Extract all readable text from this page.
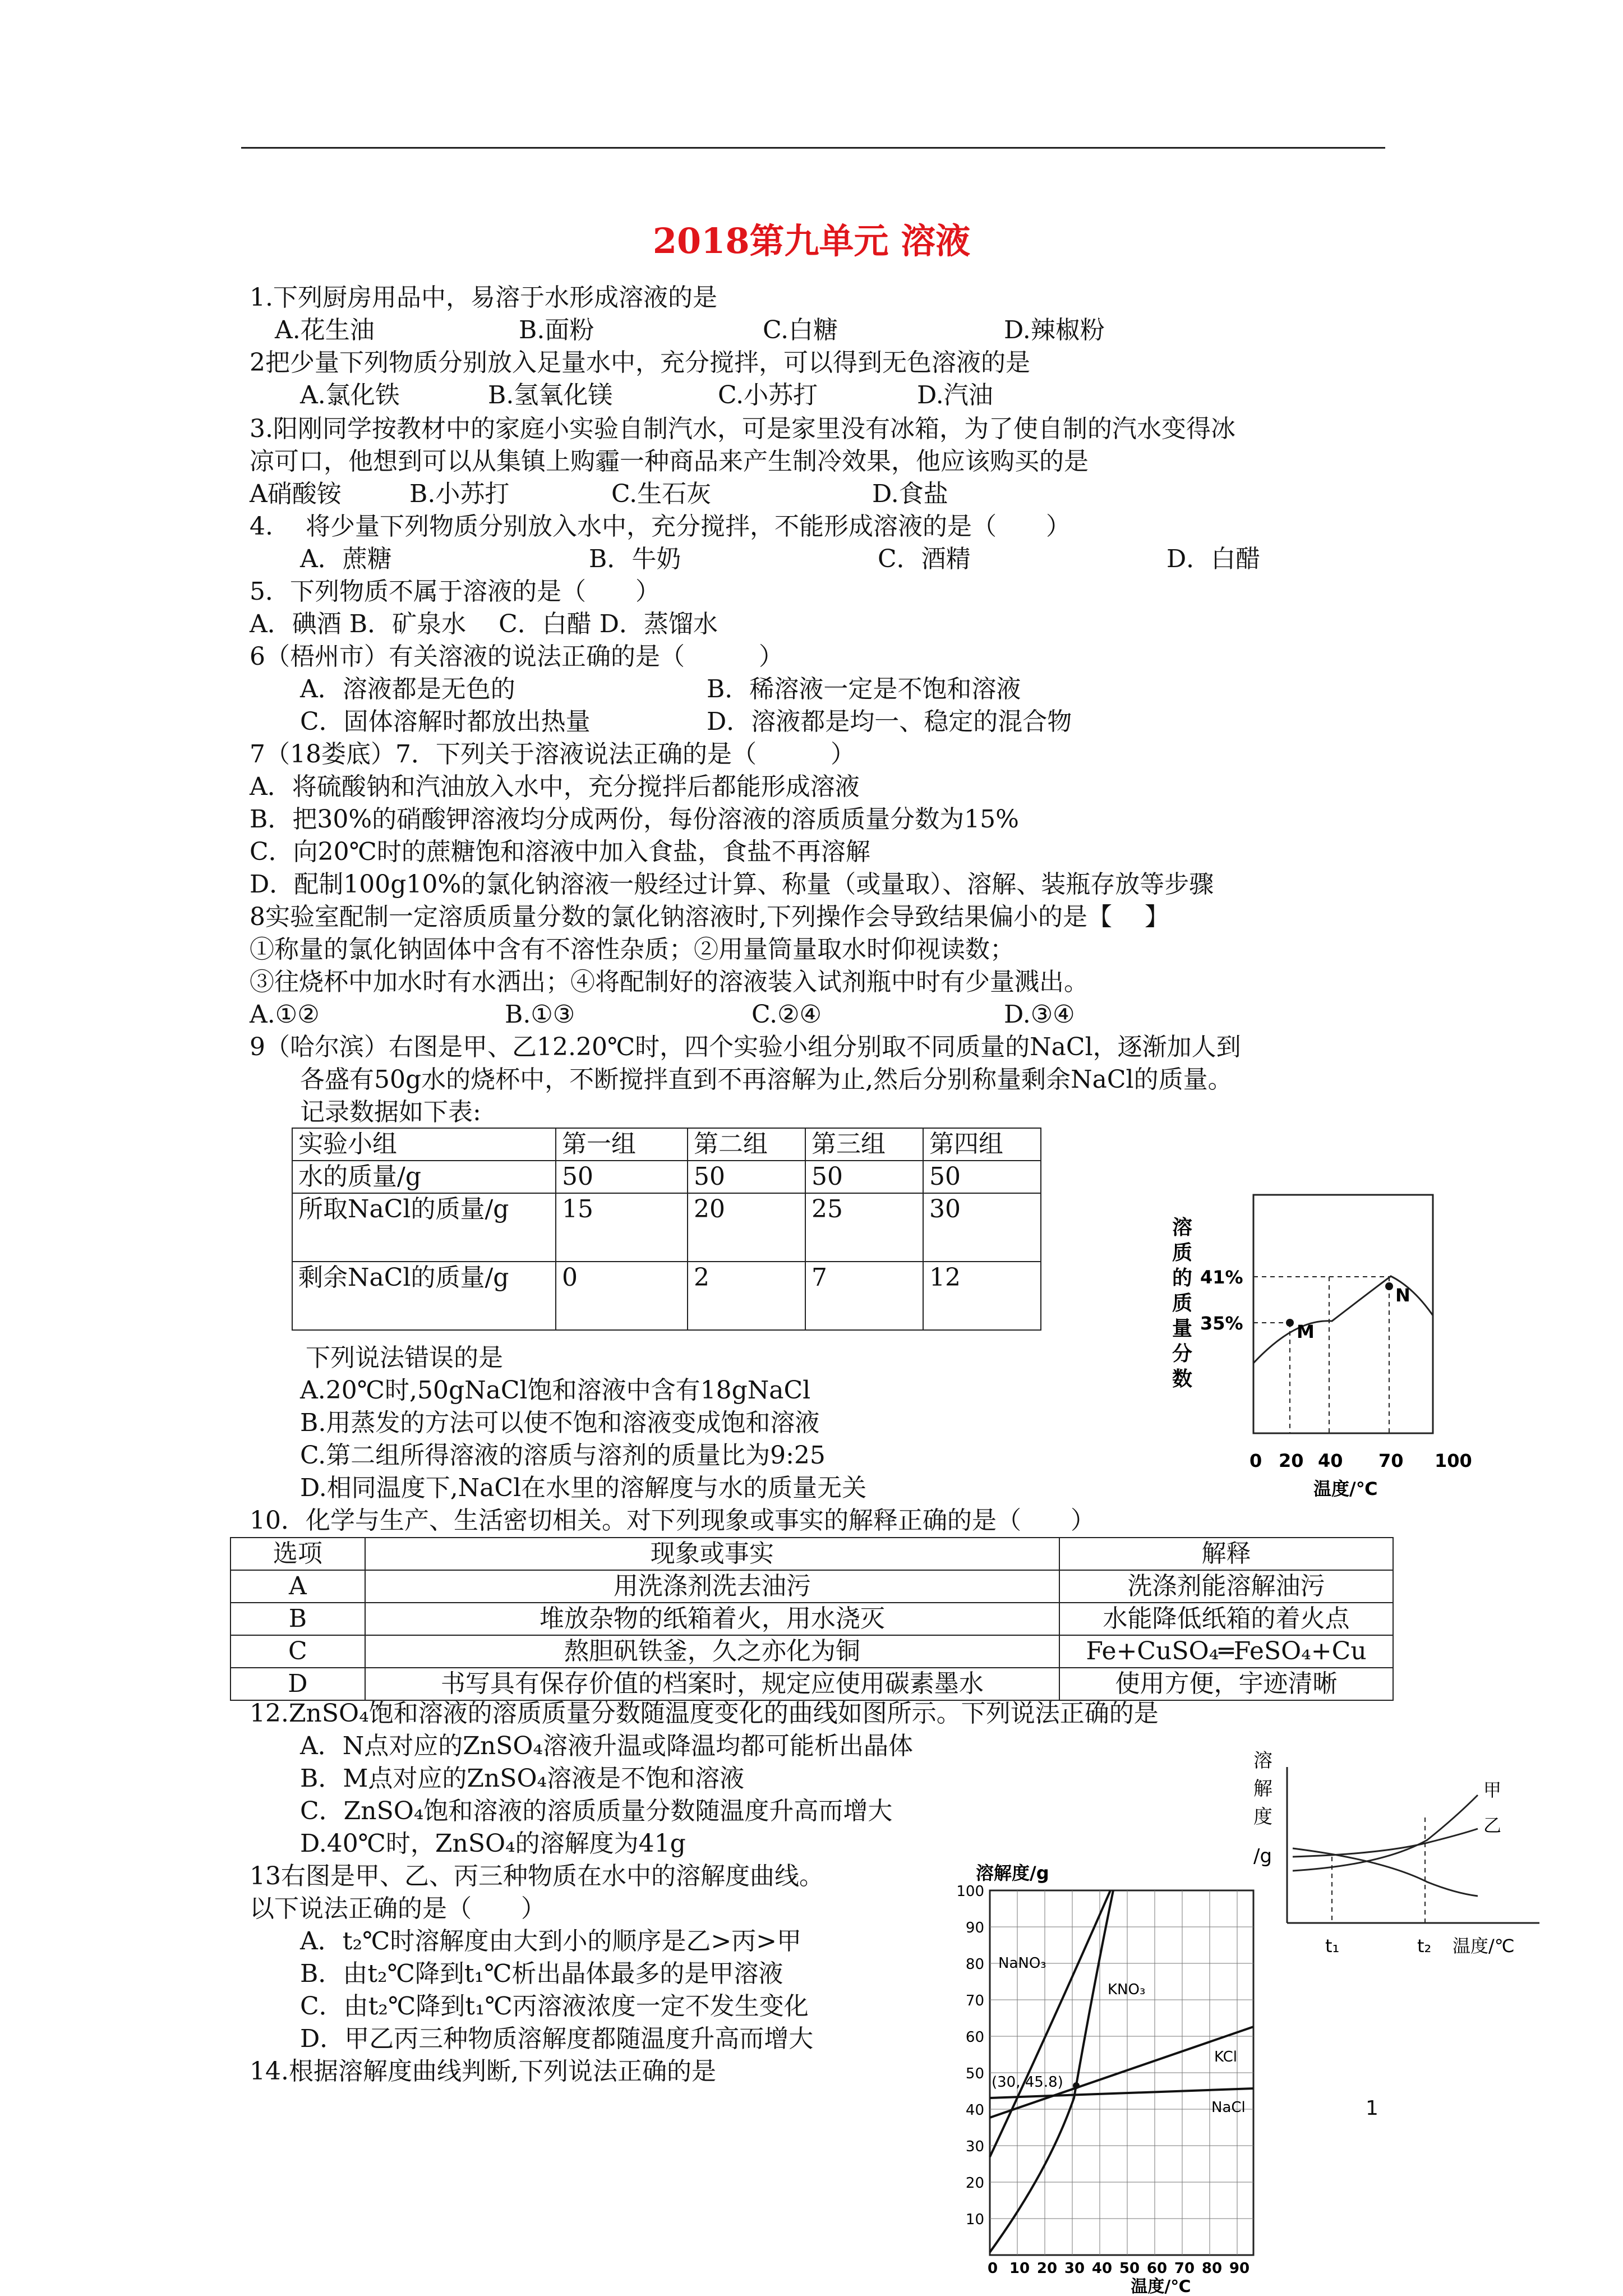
2018第九单元 溶液
1.下列厨房用品中，易溶于水形成溶液的是
A.花生油	B.面粉	C.白糖	D.辣椒粉
2把少量下列物质分别放入足量水中，充分搅拌，可以得到无色溶液的是
A.氯化铁	B.氢氧化镁	C.小苏打	D.汽油
3.阳刚同学按教材中的家庭小实验自制汽水，可是家里没有冰箱，为了使自制的汽水变得冰
凉可口，他想到可以从集镇上购霾一种商品来产生制冷效果，他应该购买的是
A硝酸铵	B.小苏打	C.生石灰	D.食盐
4.　 将少量下列物质分别放入水中，充分搅拌，不能形成溶液的是（　　）
A．蔗糖	B．牛奶	C．酒精	D．白醋
5．下列物质不属于溶液的是（　　）
A．碘酒 B．矿泉水　 C．白醋 D．蒸馏水
6（梧州市）有关溶液的说法正确的是（　　　）
A．溶液都是无色的	B．稀溶液一定是不饱和溶液
C．固体溶解时都放出热量	D．溶液都是均一、稳定的混合物
7（18娄底）7．下列关于溶液说法正确的是（　　　）
A．将硫酸钠和汽油放入水中，充分搅拌后都能形成溶液
B．把30%的硝酸钾溶液均分成两份，每份溶液的溶质质量分数为15%
C．向20℃时的蔗糖饱和溶液中加入食盐，食盐不再溶解
D．配制100g10%的氯化钠溶液一般经过计算、称量（或量取）、溶解、装瓶存放等步骤
8实验室配制一定溶质质量分数的氯化钠溶液时,下列操作会导致结果偏小的是【　 】
①称量的氯化钠固体中含有不溶性杂质；②用量筒量取水时仰视读数；
③往烧杯中加水时有水洒出；④将配制好的溶液装入试剂瓶中时有少量溅出。
A.①②	B.①③	C.②④	D.③④
9（哈尔滨）右图是甲、乙12.20℃时，四个实验小组分别取不同质量的NaCl，逐渐加人到
各盛有50g水的烧杯中，不断搅拌直到不再溶解为止,然后分别称量剩余NaCl的质量。
记录数据如下表:
实验小组	第一组	第二组	第三组	第四组
水的质量/g	50	50	50	50
所取NaCl的质量/g	15	20	25	30
剩余NaCl的质量/g	0	2	7	12
下列说法错误的是
A.20℃时,50gNaCl饱和溶液中含有18gNaCl
B.用蒸发的方法可以使不饱和溶液变成饱和溶液
C.第二组所得溶液的溶质与溶剂的质量比为9:25
D.相同温度下,NaCl在水里的溶解度与水的质量无关
溶
质
的
质
量
分
数
41%
35%	M
N
0 20 40 70 100
温度/℃
10．化学与生产、生活密切相关。对下列现象或事实的解释正确的是（　　）
选项	现象或事实	解释
A	用洗涤剂洗去油污	洗涤剂能溶解油污
B	堆放杂物的纸箱着火，用水浇灭	水能降低纸箱的着火点
C	熬胆矾铁釜，久之亦化为铜	Fe+CuSO₄═FeSO₄+Cu
D	书写具有保存价值的档案时，规定应使用碳素墨水	使用方便，宇迹清晰
12.ZnSO₄饱和溶液的溶质质量分数随温度变化的曲线如图所示。下列说法正确的是
A．N点对应的ZnSO₄溶液升温或降温均都可能析出晶体
B．M点对应的ZnSO₄溶液是不饱和溶液
C．ZnSO₄饱和溶液的溶质质量分数随温度升高而增大
D.40℃时，ZnSO₄的溶解度为41g
13右图是甲、乙、丙三种物质在水中的溶解度曲线。
以下说法正确的是（　　）
A．t₂℃时溶解度由大到小的顺序是乙>丙>甲
B．由t₂℃降到t₁℃析出晶体最多的是甲溶液
C．由t₂℃降到t₁℃丙溶液浓度一定不发生变化
D．甲乙丙三种物质溶解度都随温度升高而增大
14.根据溶解度曲线判断,下列说法正确的是
溶
解
度
/g
甲
乙
t₁	t₂ 温度/℃
溶解度/g
NaNO₃
KNO₃
KCl
NaCl
(30, 45.8)
100
90
80
70
60
50
40
30
20
10
0 10 20 30 40 50 60 70 80 90
温度/℃
1
